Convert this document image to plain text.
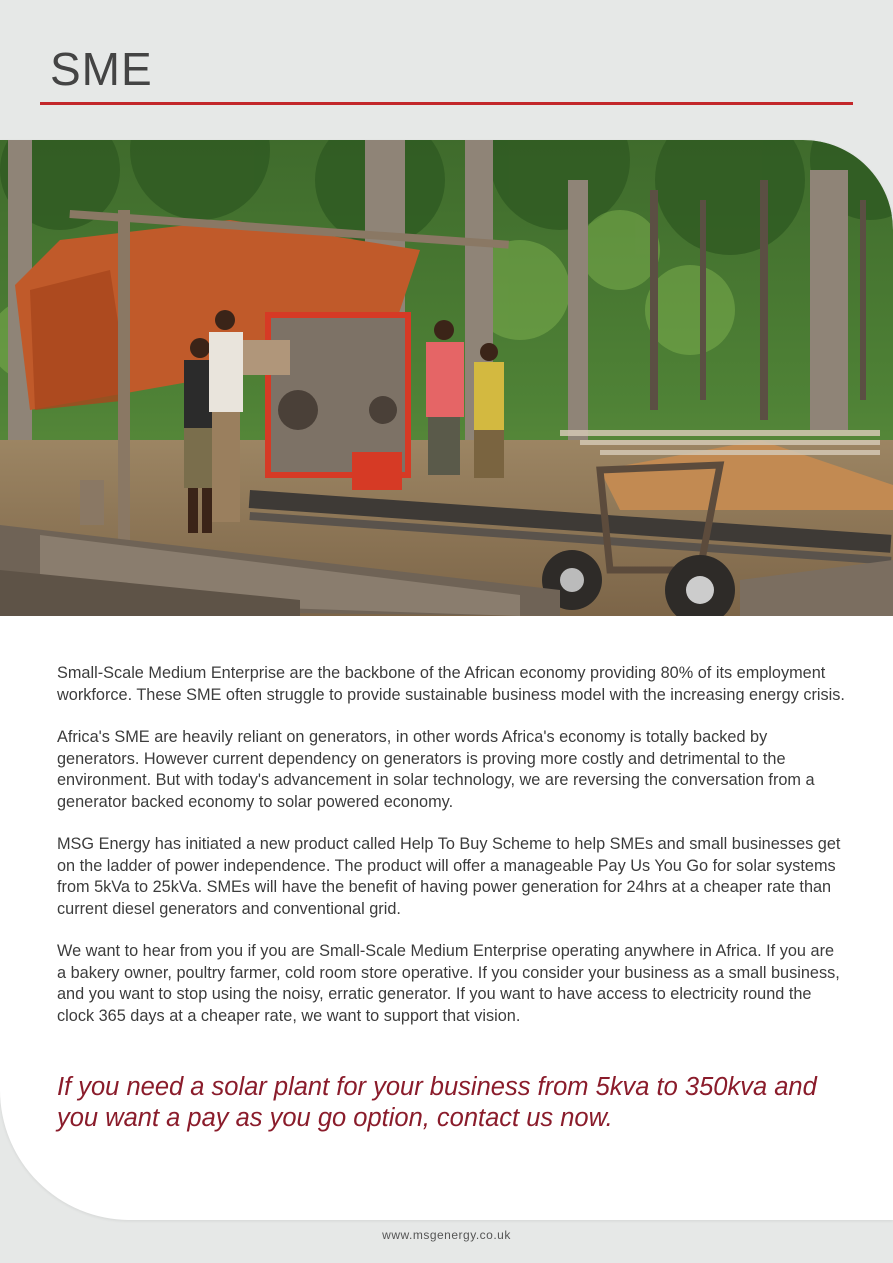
SME

Small-Scale Medium Enterprise are the backbone of the African economy providing 80% of its employment workforce. These SME often struggle to provide sustainable business model with the increasing energy crisis.

Africa's SME are heavily reliant on generators, in other words Africa's economy is totally backed by generators. However current dependency on generators is proving more costly and detrimental to the environment. But with today's advancement in solar technology, we are reversing the conversation from a generator backed economy to solar powered economy.

MSG Energy has initiated a new product called Help To Buy Scheme to help SMEs and small businesses get on the ladder of power independence. The product will offer a manageable Pay Us You Go for solar systems from 5kVa to 25kVa. SMEs will have the benefit of having power generation for 24hrs at a cheaper rate than current diesel generators and conventional grid.

We want to hear from you if you are Small-Scale Medium Enterprise operating anywhere in Africa. If you are a bakery owner, poultry farmer, cold room store operative. If you consider your business as a small business, and you want to stop using the noisy, erratic generator. If you want to have access to electricity round the clock 365 days at a cheaper rate, we want to support that vision.

If you need a solar plant for your business from 5kva to 350kva and you want a pay as you go option, contact us now.

www.msgenergy.co.uk
